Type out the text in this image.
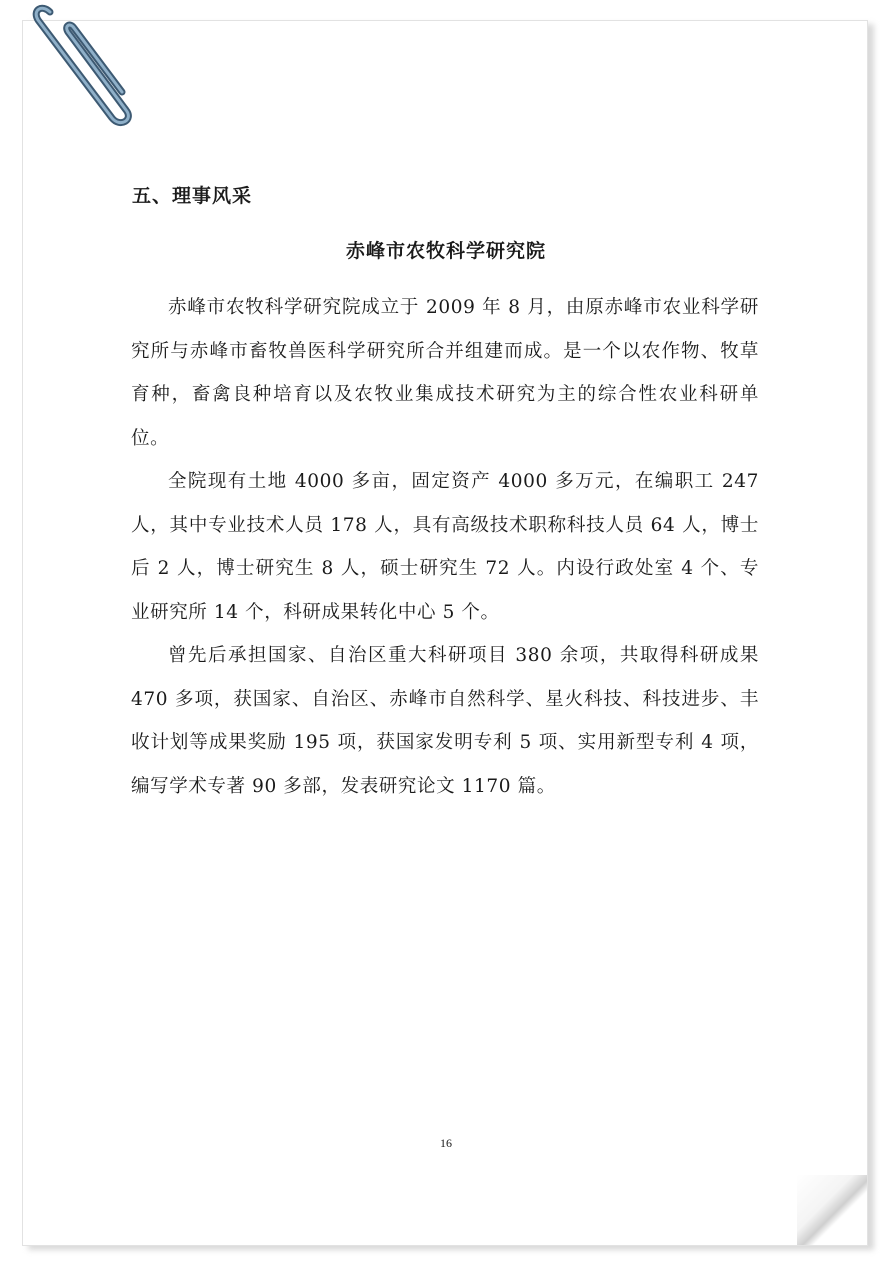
五、理事风采
赤峰市农牧科学研究院

赤峰市农牧科学研究院成立于 2009 年 8 月，由原赤峰市农业科学研究所与赤峰市畜牧兽医科学研究所合并组建而成。是一个以农作物、牧草育种，畜禽良种培育以及农牧业集成技术研究为主的综合性农业科研单位。

全院现有土地 4000 多亩，固定资产 4000 多万元，在编职工 247 人，其中专业技术人员 178 人，具有高级技术职称科技人员 64 人，博士后 2 人，博士研究生 8 人，硕士研究生 72 人。内设行政处室 4 个、专业研究所 14 个，科研成果转化中心 5 个。

曾先后承担国家、自治区重大科研项目 380 余项，共取得科研成果 470 多项，获国家、自治区、赤峰市自然科学、星火科技、科技进步、丰收计划等成果奖励 195 项，获国家发明专利 5 项、实用新型专利 4 项，编写学术专著 90 多部，发表研究论文 1170 篇。

16
